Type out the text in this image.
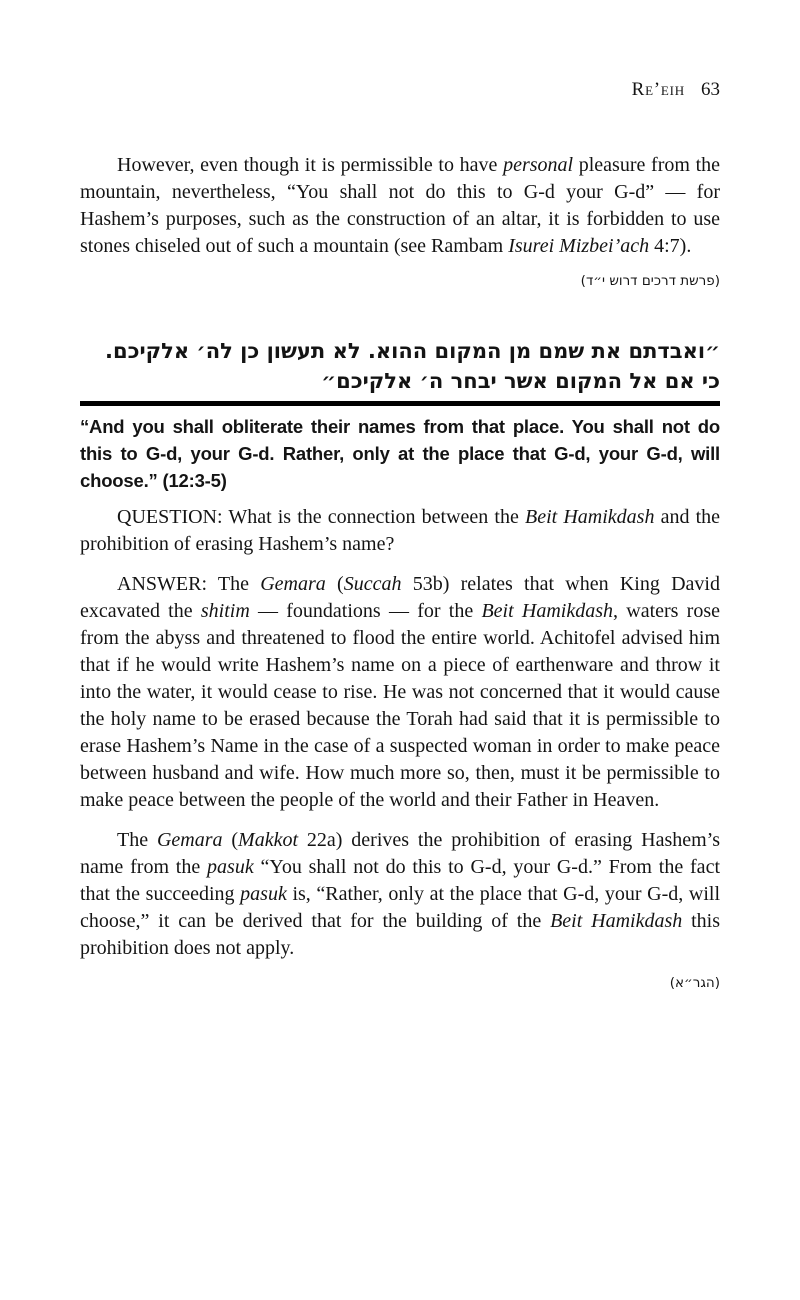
Re’eih 63

However, even though it is permissible to have personal pleasure from the mountain, nevertheless, “You shall not do this to G-d your G-d” — for Hashem’s purposes, such as the construction of an altar, it is forbidden to use stones chiseled out of such a mountain (see Rambam Isurei Mizbei’ach 4:7).

(פרשת דרכים דרוש י״ד)

״ואבדתם את שמם מן המקום ההוא. לא תעשון כן לה׳ אלקיכם. כי אם אל המקום אשר יבחר ה׳ אלקיכם״

“And you shall obliterate their names from that place. You shall not do this to G-d, your G-d. Rather, only at the place that G-d, your G-d, will choose.” (12:3-5)

QUESTION: What is the connection between the Beit Hamikdash and the prohibition of erasing Hashem’s name?

ANSWER: The Gemara (Succah 53b) relates that when King David excavated the shitim — foundations — for the Beit Hamikdash, waters rose from the abyss and threatened to flood the entire world. Achitofel advised him that if he would write Hashem’s name on a piece of earthenware and throw it into the water, it would cease to rise. He was not concerned that it would cause the holy name to be erased because the Torah had said that it is permissible to erase Hashem’s Name in the case of a suspected woman in order to make peace between husband and wife. How much more so, then, must it be permissible to make peace between the people of the world and their Father in Heaven.

The Gemara (Makkot 22a) derives the prohibition of erasing Hashem’s name from the pasuk “You shall not do this to G-d, your G-d.” From the fact that the succeeding pasuk is, “Rather, only at the place that G-d, your G-d, will choose,” it can be derived that for the building of the Beit Hamikdash this prohibition does not apply.

(הגר״א)
